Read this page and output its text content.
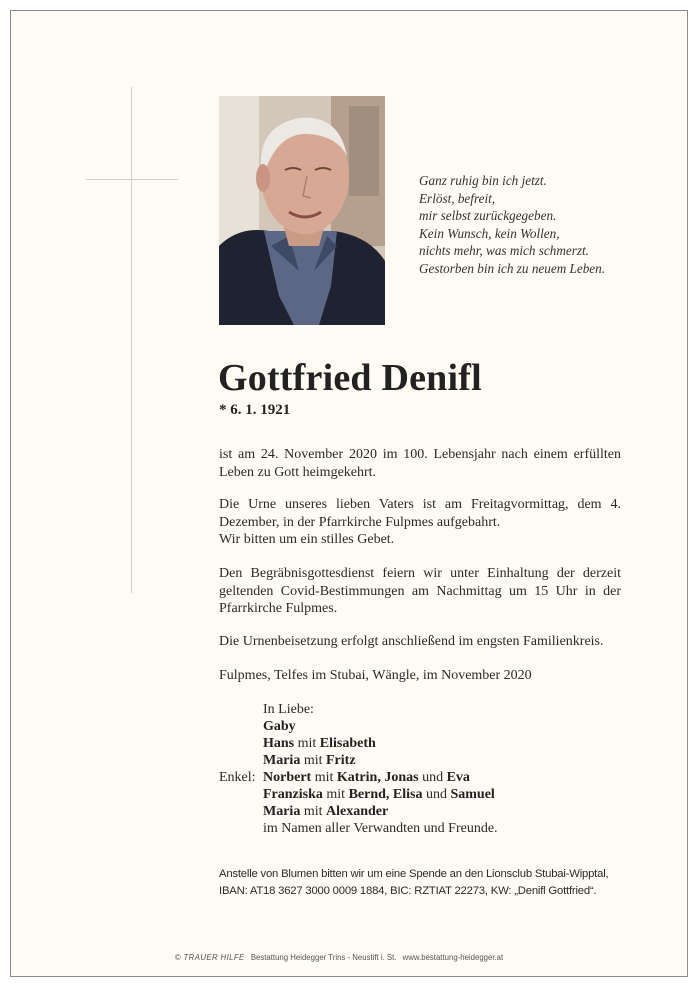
Ganz ruhig bin ich jetzt.
Erlöst, befreit,
mir selbst zurückgegeben.
Kein Wunsch, kein Wollen,
nichts mehr, was mich schmerzt.
Gestorben bin ich zu neuem Leben.
Gottfried Denifl
* 6. 1. 1921
ist am 24. November 2020 im 100. Lebensjahr nach einem erfüllten Leben zu Gott heimgekehrt.
Die Urne unseres lieben Vaters ist am Freitagvormittag, dem 4. Dezember, in der Pfarrkirche Fulpmes aufgebahrt.
Wir bitten um ein stilles Gebet.
Den Begräbnisgottesdienst feiern wir unter Einhaltung der derzeit geltenden Covid-Bestimmungen am Nachmittag um 15 Uhr in der Pfarrkirche Fulpmes.
Die Urnenbeisetzung erfolgt anschließend im engsten Familienkreis.
Fulpmes, Telfes im Stubai, Wängle, im November 2020
In Liebe:
Gaby
Hans mit Elisabeth
Maria mit Fritz
Enkel: Norbert mit Katrin, Jonas und Eva
Franziska mit Bernd, Elisa und Samuel
Maria mit Alexander
im Namen aller Verwandten und Freunde.
Anstelle von Blumen bitten wir um eine Spende an den Lionsclub Stubai-Wipptal,
IBAN: AT18 3627 3000 0009 1884, BIC: RZTIAT 22273, KW: „Denifl Gottfried“.
© TRAUER HILFE Bestattung Heidegger Trins - Neustift i. St. www.bestattung-heidegger.at
